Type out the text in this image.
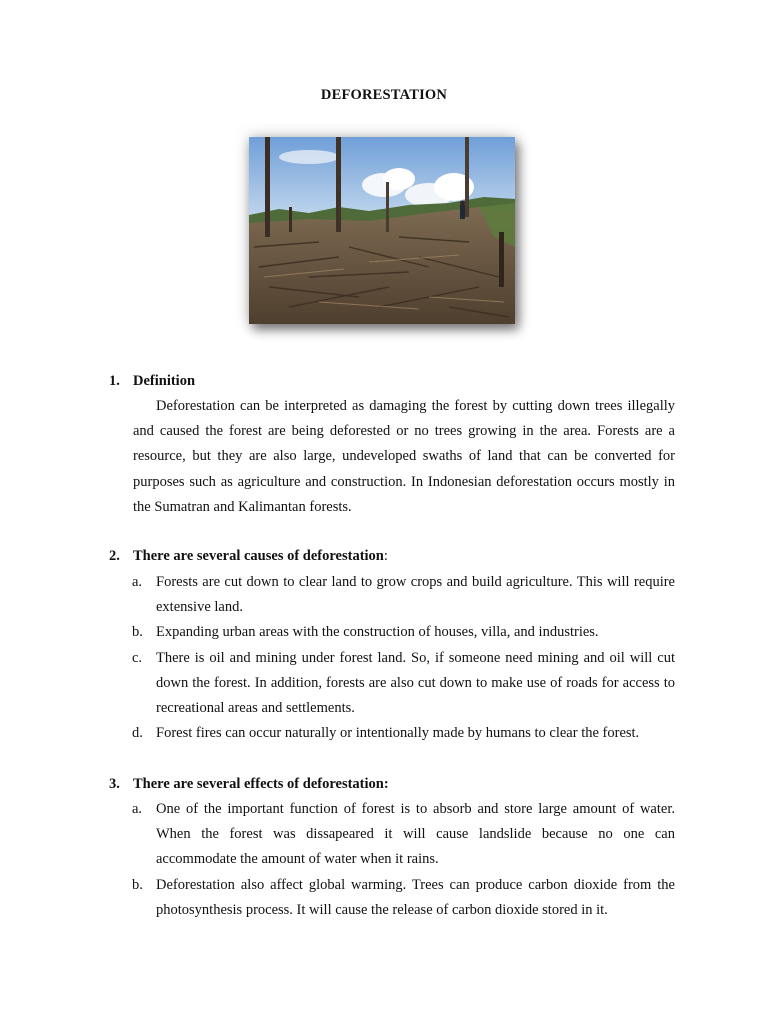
DEFORESTATION
1. Definition
Deforestation can be interpreted as damaging the forest by cutting down trees illegally and caused the forest are being deforested or no trees growing in the area. Forests are a resource, but they are also large, undeveloped swaths of land that can be converted for purposes such as agriculture and construction. In Indonesian deforestation occurs mostly in the Sumatran and Kalimantan forests.
2. There are several causes of deforestation:
a. Forests are cut down to clear land to grow crops and build agriculture. This will require extensive land.
b. Expanding urban areas with the construction of houses, villa, and industries.
c. There is oil and mining under forest land. So, if someone need mining and oil will cut down the forest. In addition, forests are also cut down to make use of roads for access to recreational areas and settlements.
d. Forest fires can occur naturally or intentionally made by humans to clear the forest.
3. There are several effects of deforestation:
a. One of the important function of forest is to absorb and store large amount of water. When the forest was dissapeared it will cause landslide because no one can accommodate the amount of water when it rains.
b. Deforestation also affect global warming. Trees can produce carbon dioxide from the photosynthesis process. It will cause the release of carbon dioxide stored in it.
